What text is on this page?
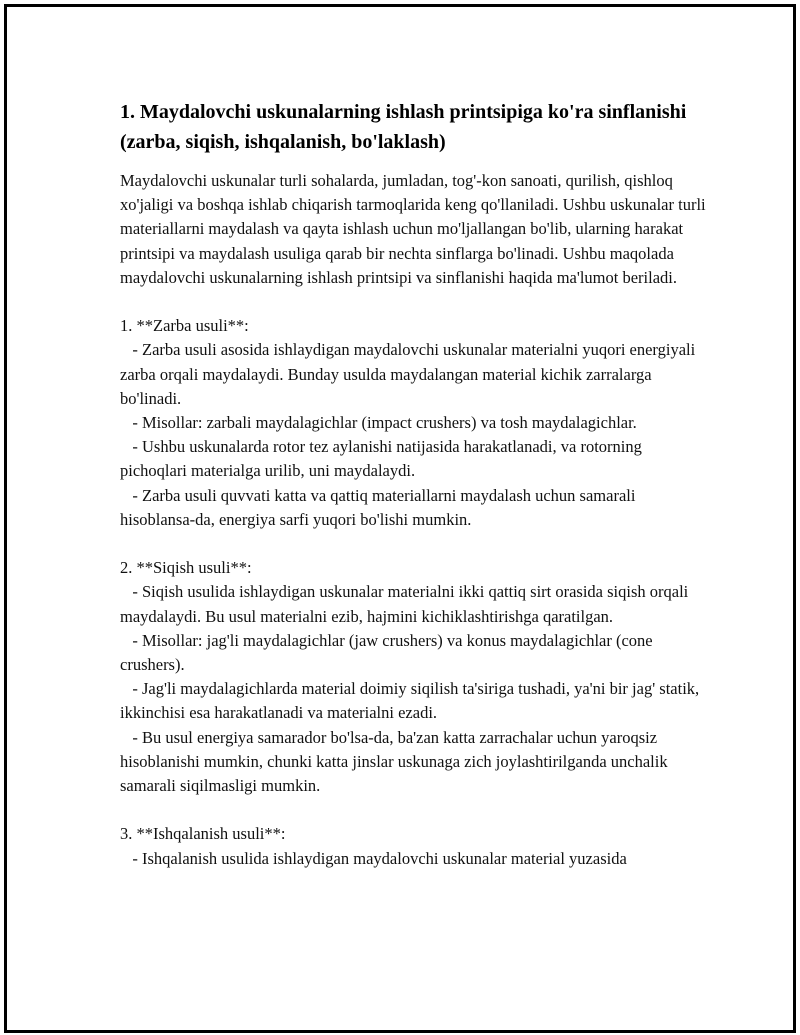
1. Maydalovchi uskunalarning ishlash printsipiga ko'ra sinflanishi (zarba, siqish, ishqalanish, bo'laklash)

Maydalovchi uskunalar turli sohalarda, jumladan, tog'-kon sanoati, qurilish, qishloq xo'jaligi va boshqa ishlab chiqarish tarmoqlarida keng qo'llaniladi. Ushbu uskunalar turli materiallarni maydalash va qayta ishlash uchun mo'ljallangan bo'lib, ularning harakat printsipi va maydalash usuliga qarab bir nechta sinflarga bo'linadi. Ushbu maqolada maydalovchi uskunalarning ishlash printsipi va sinflanishi haqida ma'lumot beriladi.

1. **Zarba usuli**:

- Zarba usuli asosida ishlaydigan maydalovchi uskunalar materialni yuqori energiyali zarba orqali maydalaydi. Bunday usulda maydalangan material kichik zarralarga bo'linadi.

- Misollar: zarbali maydalagichlar (impact crushers) va tosh maydalagichlar.

- Ushbu uskunalarda rotor tez aylanishi natijasida harakatlanadi, va rotorning pichoqlari materialga urilib, uni maydalaydi.

- Zarba usuli quvvati katta va qattiq materiallarni maydalash uchun samarali hisoblansa-da, energiya sarfi yuqori bo'lishi mumkin.

2. **Siqish usuli**:

- Siqish usulida ishlaydigan uskunalar materialni ikki qattiq sirt orasida siqish orqali maydalaydi. Bu usul materialni ezib, hajmini kichiklashtirishga qaratilgan.

- Misollar: jag'li maydalagichlar (jaw crushers) va konus maydalagichlar (cone crushers).

- Jag'li maydalagichlarda material doimiy siqilish ta'siriga tushadi, ya'ni bir jag' statik, ikkinchisi esa harakatlanadi va materialni ezadi.

- Bu usul energiya samarador bo'lsa-da, ba'zan katta zarrachalar uchun yaroqsiz hisoblanishi mumkin, chunki katta jinslar uskunaga zich joylashtirilganda unchalik samarali siqilmasligi mumkin.

3. **Ishqalanish usuli**:

- Ishqalanish usulida ishlaydigan maydalovchi uskunalar material yuzasida
